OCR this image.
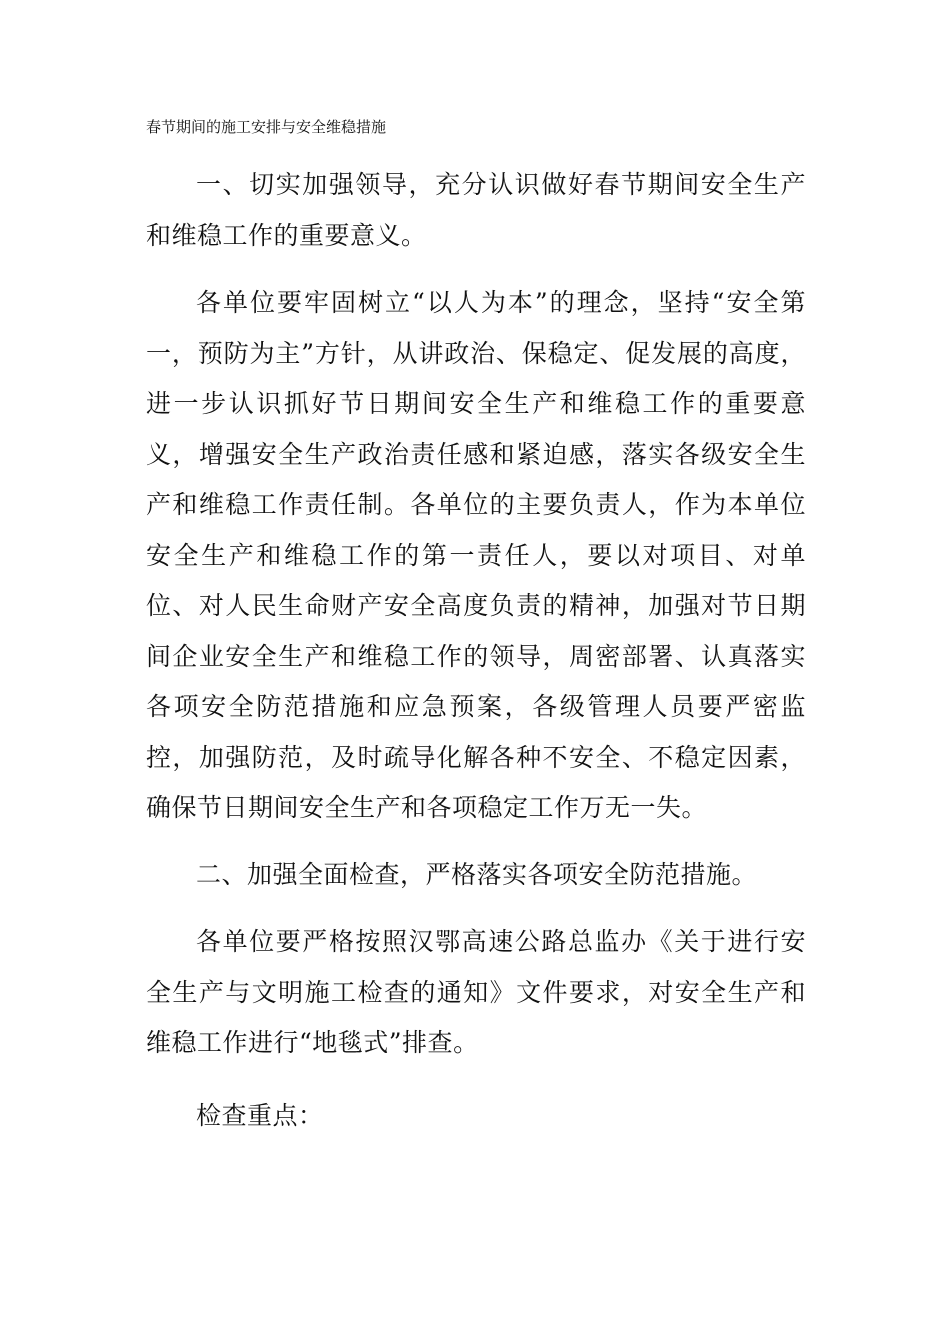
春节期间的施工安排与安全维稳措施

一、切实加强领导，充分认识做好春节期间安全生产和维稳工作的重要意义。

各单位要牢固树立“以人为本”的理念，坚持“安全第一，预防为主”方针，从讲政治、保稳定、促发展的高度，进一步认识抓好节日期间安全生产和维稳工作的重要意义，增强安全生产政治责任感和紧迫感，落实各级安全生产和维稳工作责任制。各单位的主要负责人，作为本单位安全生产和维稳工作的第一责任人，要以对项目、对单位、对人民生命财产安全高度负责的精神，加强对节日期间企业安全生产和维稳工作的领导，周密部署、认真落实各项安全防范措施和应急预案，各级管理人员要严密监控，加强防范，及时疏导化解各种不安全、不稳定因素，确保节日期间安全生产和各项稳定工作万无一失。

二、加强全面检查，严格落实各项安全防范措施。

各单位要严格按照汉鄂高速公路总监办《关于进行安全生产与文明施工检查的通知》文件要求，对安全生产和维稳工作进行“地毯式”排查。

检查重点：
